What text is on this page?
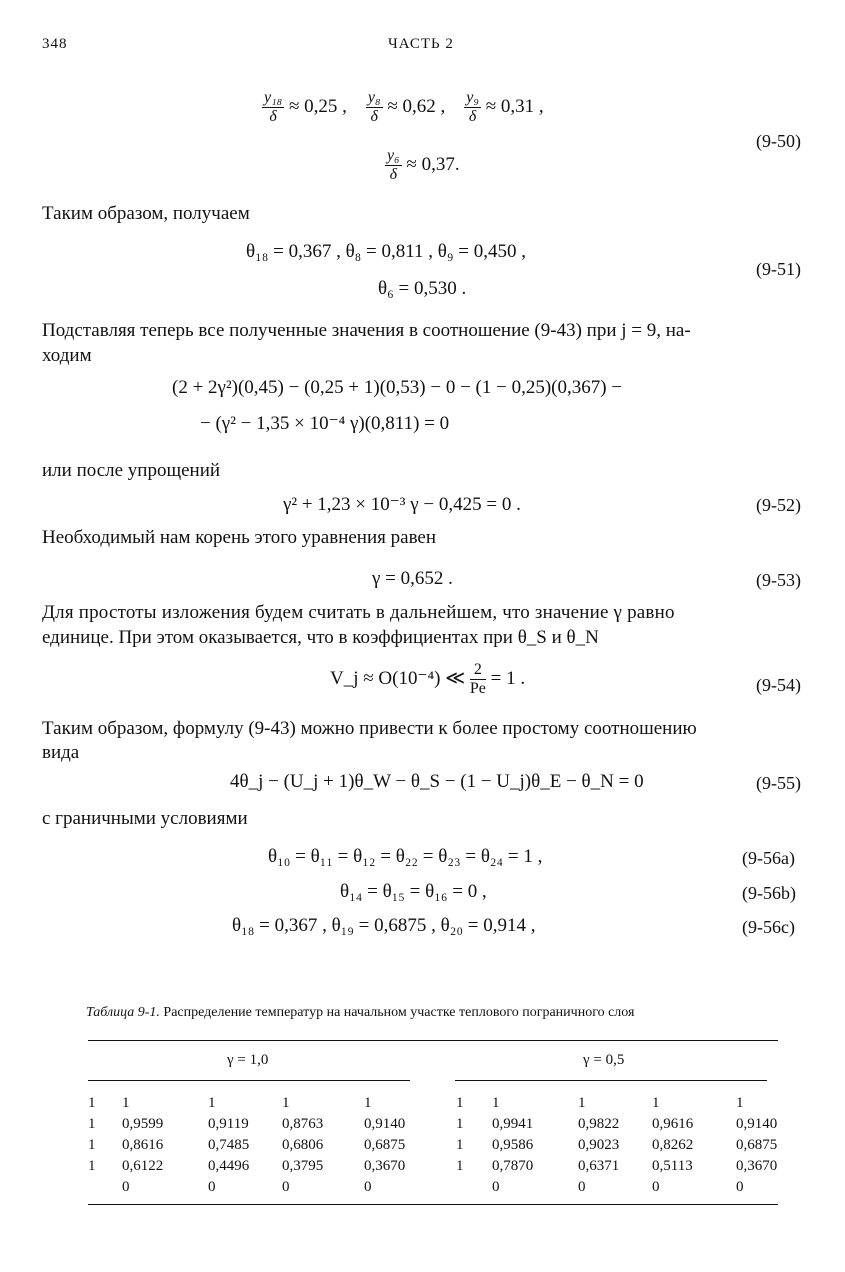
348	ЧАСТЬ 2
$\frac{\text{y₁₈}}{\delta} \approx 0,25$ , $\frac{\text{y₈}}{\delta} \approx 0,62$ , $\frac{\text{y₉}}{\delta} \approx 0,31$ ,
$\frac{\text{y₆}}{\delta} \approx 0,37$.
(9-50)
Таким образом, получаем
θ₁₈ = 0,367 , θ₈ = 0,811 , θ₉ = 0,450 ,
θ₆ = 0,530 .
(9-51)
Подставляя теперь все полученные значения в соотношение (9-43) при j = 9, на-
ходим
(2 + 2γ²)(0,45) − (0,25 + 1)(0,53) − 0 − (1 − 0,25)(0,367) −
− (γ² − 1,35 × 10⁻⁴ γ)(0,811) = 0
или после упрощений
γ² + 1,23 × 10⁻³ γ − 0,425 = 0 .	(9-52)
Необходимый нам корень этого уравнения равен
γ = 0,652 .	(9-53)
Для простоты изложения будем считать в дальнейшем, что значение γ равно
единице. При этом оказывается, что в коэффициентах при θ_S и θ_N
V_j ≈ O(10⁻⁴) ≪ $\frac{2}{Pe} = 1$ .	(9-54)
Таким образом, формулу (9-43) можно привести к более простому соотношению
вида
4θ_j − (U_j + 1)θ_W − θ_S − (1 − U_j)θ_E − θ_N = 0	(9-55)
с граничными условиями
θ₁₀ = θ₁₁ = θ₁₂ = θ₂₂ = θ₂₃ = θ₂₄ = 1 ,	(9-56a)
θ₁₄ = θ₁₅ = θ₁₆ = 0 ,	(9-56b)
θ₁₈ = 0,367 , θ₁₉ = 0,6875 , θ₂₀ = 0,914 ,	(9-56c)
Таблица 9-1. Распределение температур на начальном участке теплового пограничного слоя
γ = 1,0	γ = 0,5
1	1	1	1	1	1	1	1	1	1
1	0,9599	0,9119	0,8763	0,9140	1	0,9941	0,9822	0,9616	0,9140
1	0,8616	0,7485	0,6806	0,6875	1	0,9586	0,9023	0,8262	0,6875
1	0,6122	0,4496	0,3795	0,3670	1	0,7870	0,6371	0,5113	0,3670
	0	0	0	0		0	0	0	0
